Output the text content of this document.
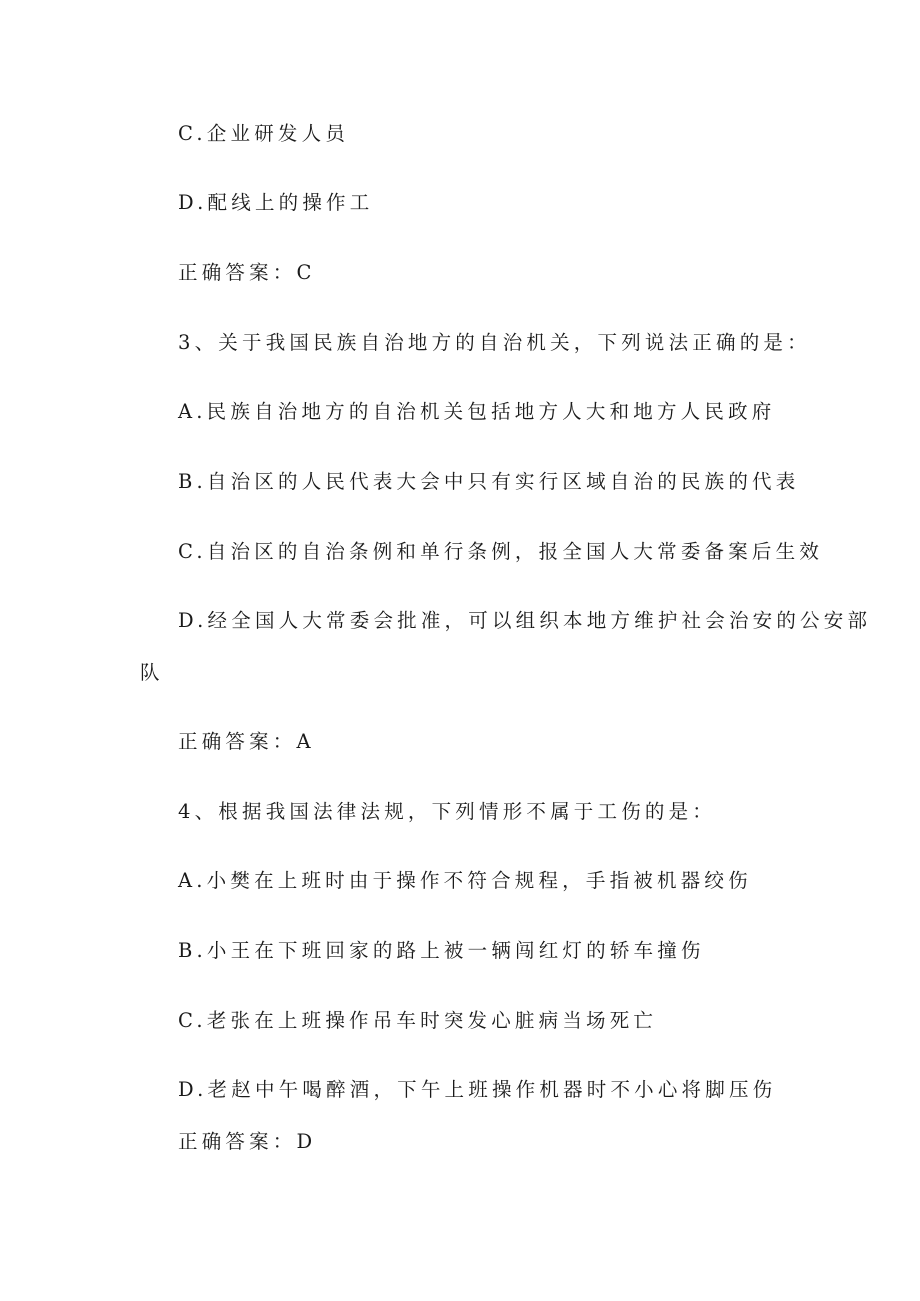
C.企业研发人员
D.配线上的操作工
正确答案：C
3、关于我国民族自治地方的自治机关，下列说法正确的是：
A.民族自治地方的自治机关包括地方人大和地方人民政府
B.自治区的人民代表大会中只有实行区域自治的民族的代表
C.自治区的自治条例和单行条例，报全国人大常委备案后生效
D.经全国人大常委会批准，可以组织本地方维护社会治安的公安部
队
正确答案：A
4、根据我国法律法规，下列情形不属于工伤的是：
A.小樊在上班时由于操作不符合规程，手指被机器绞伤
B.小王在下班回家的路上被一辆闯红灯的轿车撞伤
C.老张在上班操作吊车时突发心脏病当场死亡
D.老赵中午喝醉酒，下午上班操作机器时不小心将脚压伤
正确答案：D
